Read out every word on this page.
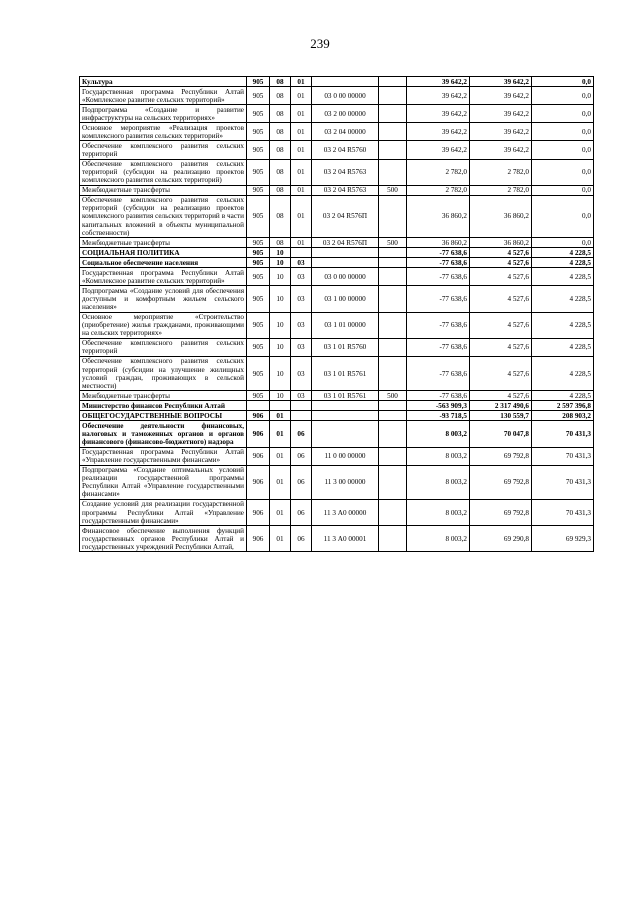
239
Культура	905	08	01			39 642,2	39 642,2	0,0
Государственная программа Республики Алтай «Комплексное развитие сельских территорий»	905	08	01	03 0 00 00000		39 642,2	39 642,2	0,0
Подпрограмма «Создание и развитие инфраструктуры на сельских территориях»	905	08	01	03 2 00 00000		39 642,2	39 642,2	0,0
Основное мероприятие «Реализация проектов комплексного развития сельских территорий»	905	08	01	03 2 04 00000		39 642,2	39 642,2	0,0
Обеспечение комплексного развития сельских территорий	905	08	01	03 2 04 R5760		39 642,2	39 642,2	0,0
Обеспечение комплексного развития сельских территорий (субсидии на реализацию проектов комплексного развития сельских территорий)	905	08	01	03 2 04 R5763		2 782,0	2 782,0	0,0
Межбюджетные трансферты	905	08	01	03 2 04 R5763	500	2 782,0	2 782,0	0,0
Обеспечение комплексного развития сельских территорий (субсидии на реализацию проектов комплексного развития сельских территорий в части капитальных вложений в объекты муниципальной собственности)	905	08	01	03 2 04 R576П		36 860,2	36 860,2	0,0
Межбюджетные трансферты	905	08	01	03 2 04 R576П	500	36 860,2	36 860,2	0,0
СОЦИАЛЬНАЯ ПОЛИТИКА	905	10				-77 638,6	4 527,6	4 228,5
Социальное обеспечение населения	905	10	03			-77 638,6	4 527,6	4 228,5
Государственная программа Республики Алтай «Комплексное развитие сельских территорий»	905	10	03	03 0 00 00000		-77 638,6	4 527,6	4 228,5
Подпрограмма «Создание условий для обеспечения доступным и комфортным жильем сельского населения»	905	10	03	03 1 00 00000		-77 638,6	4 527,6	4 228,5
Основное мероприятие «Строительство (приобретение) жилья гражданами, проживающими на сельских территориях»	905	10	03	03 1 01 00000		-77 638,6	4 527,6	4 228,5
Обеспечение комплексного развития сельских территорий	905	10	03	03 1 01 R5760		-77 638,6	4 527,6	4 228,5
Обеспечение комплексного развития сельских территорий (субсидии на улучшение жилищных условий граждан, проживающих в сельской местности)	905	10	03	03 1 01 R5761		-77 638,6	4 527,6	4 228,5
Межбюджетные трансферты	905	10	03	03 1 01 R5761	500	-77 638,6	4 527,6	4 228,5
Министерство финансов Республики Алтай						-563 909,3	2 317 490,6	2 597 396,8
ОБЩЕГОСУДАРСТВЕННЫЕ ВОПРОСЫ	906	01				-93 718,5	130 559,7	208 903,2
Обеспечение деятельности финансовых, налоговых и таможенных органов и органов финансового (финансово-бюджетного) надзора	906	01	06			8 003,2	70 047,8	70 431,3
Государственная программа Республики Алтай «Управление государственными финансами»	906	01	06	11 0 00 00000		8 003,2	69 792,8	70 431,3
Подпрограмма «Создание оптимальных условий реализации государственной программы Республики Алтай «Управление государственными финансами»	906	01	06	11 3 00 00000		8 003,2	69 792,8	70 431,3
Создание условий для реализации государственной программы Республики Алтай «Управление государственными финансами»	906	01	06	11 3 А0 00000		8 003,2	69 792,8	70 431,3
Финансовое обеспечение выполнения функций государственных органов Республики Алтай и государственных учреждений Республики Алтай,	906	01	06	11 3 А0 00001		8 003,2	69 290,8	69 929,3
